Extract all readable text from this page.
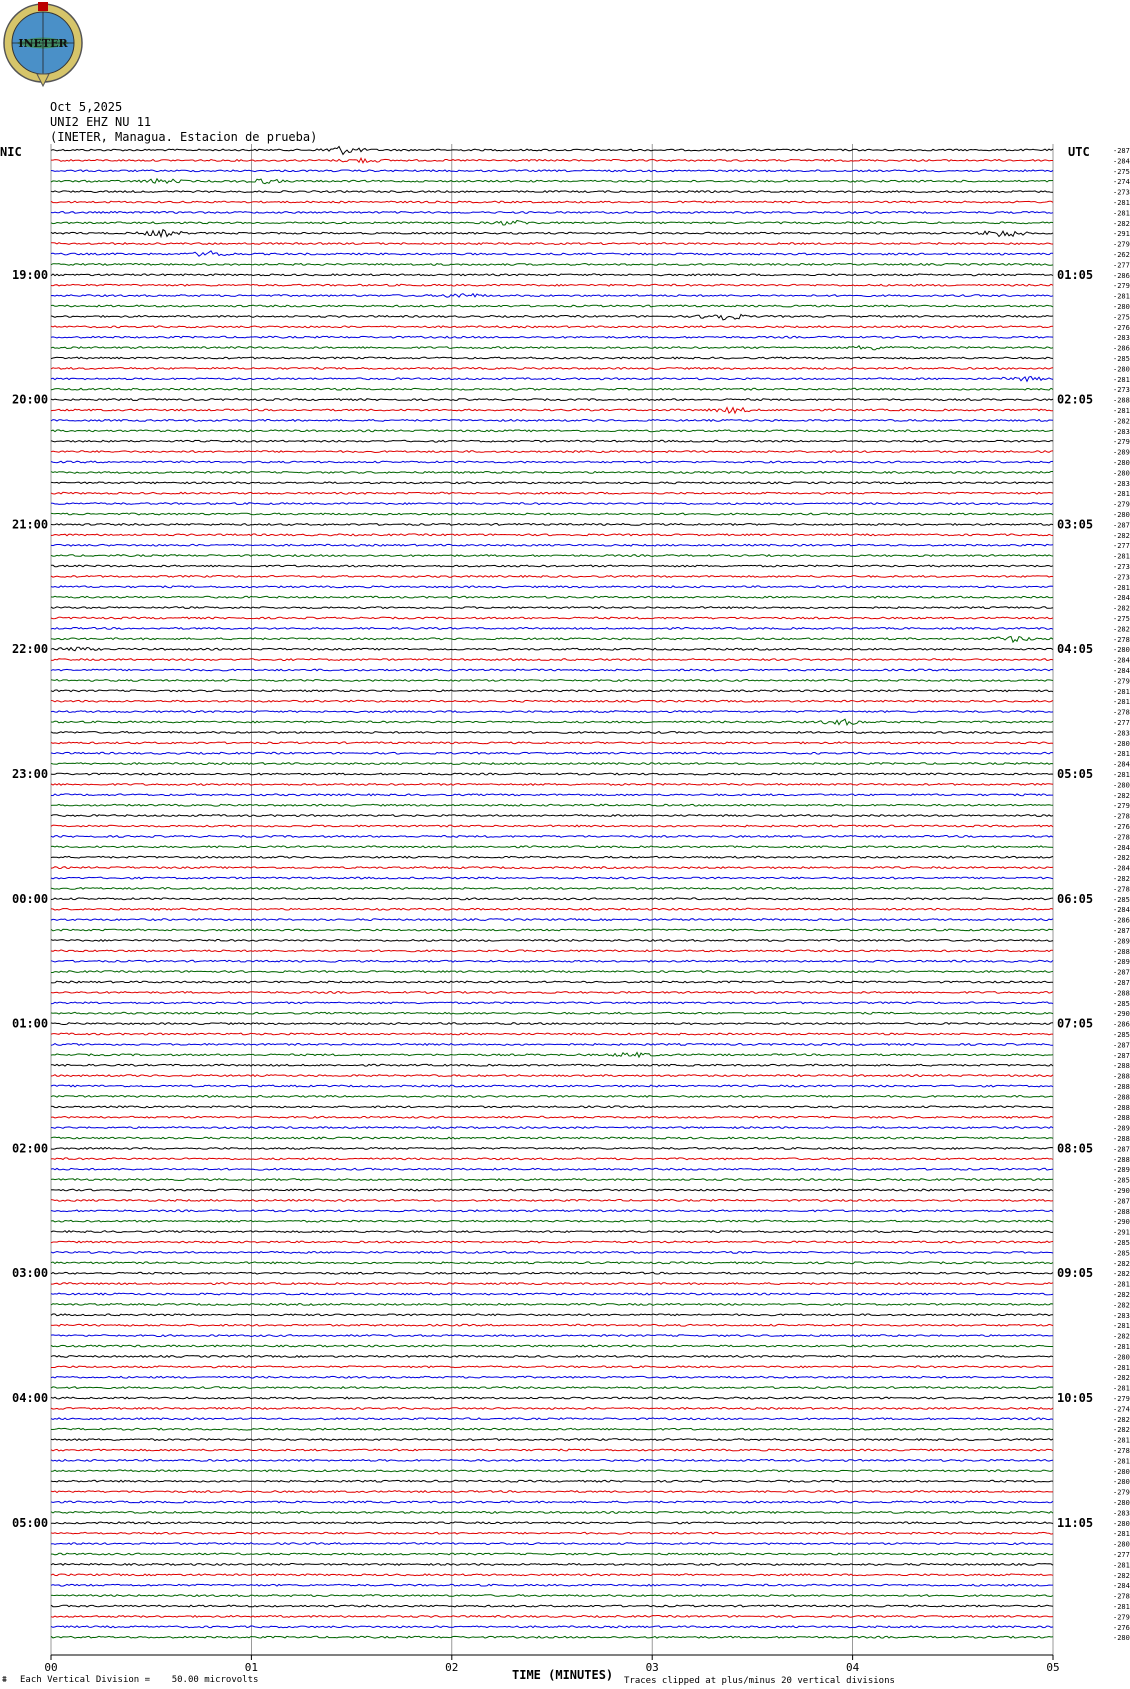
INETER
Oct 5,2025
UNI2 EHZ NU 11
(INETER, Managua. Estacion de prueba)
NIC	UTC
00	01	02	03	04	05
-287
-284
-275
-274
-273
-281
-281
-282
-291
-279
-262
-277
-286
19:00	01:05
-279
-281
-280
-275
-276
-283
-286
-285
-280
-281
-273
-288
20:00	02:05
-281
-282
-283
-279
-289
-280
-280
-283
-281
-279
-280
-287
21:00	03:05
-282
-277
-281
-273
-273
-281
-284
-282
-275
-282
-278
-280
22:00	04:05
-284
-284
-279
-281
-281
-278
-277
-283
-280
-281
-284
-281
23:00	05:05
-280
-282
-279
-278
-276
-278
-284
-282
-284
-282
-278
-285
00:00	06:05
-284
-286
-287
-289
-288
-289
-287
-287
-288
-285
-290
-286
01:00	07:05
-285
-287
-287
-288
-288
-288
-288
-288
-288
-289
-288
-287
02:00	08:05
-288
-289
-285
-290
-287
-288
-290
-291
-285
-285
-282
-282
03:00	09:05
-281
-282
-282
-283
-281
-282
-281
-280
-281
-282
-281
-279
04:00	10:05
-274
-282
-282
-281
-278
-281
-280
-280
-279
-280
-283
-280
05:00	11:05
-281
-280
-277
-281
-282
-284
-278
-281
-279
-276
-280
⩩ Each Vertical Division =    50.00 microvolts	TIME (MINUTES) Traces clipped at plus/minus 20 vertical divisions
